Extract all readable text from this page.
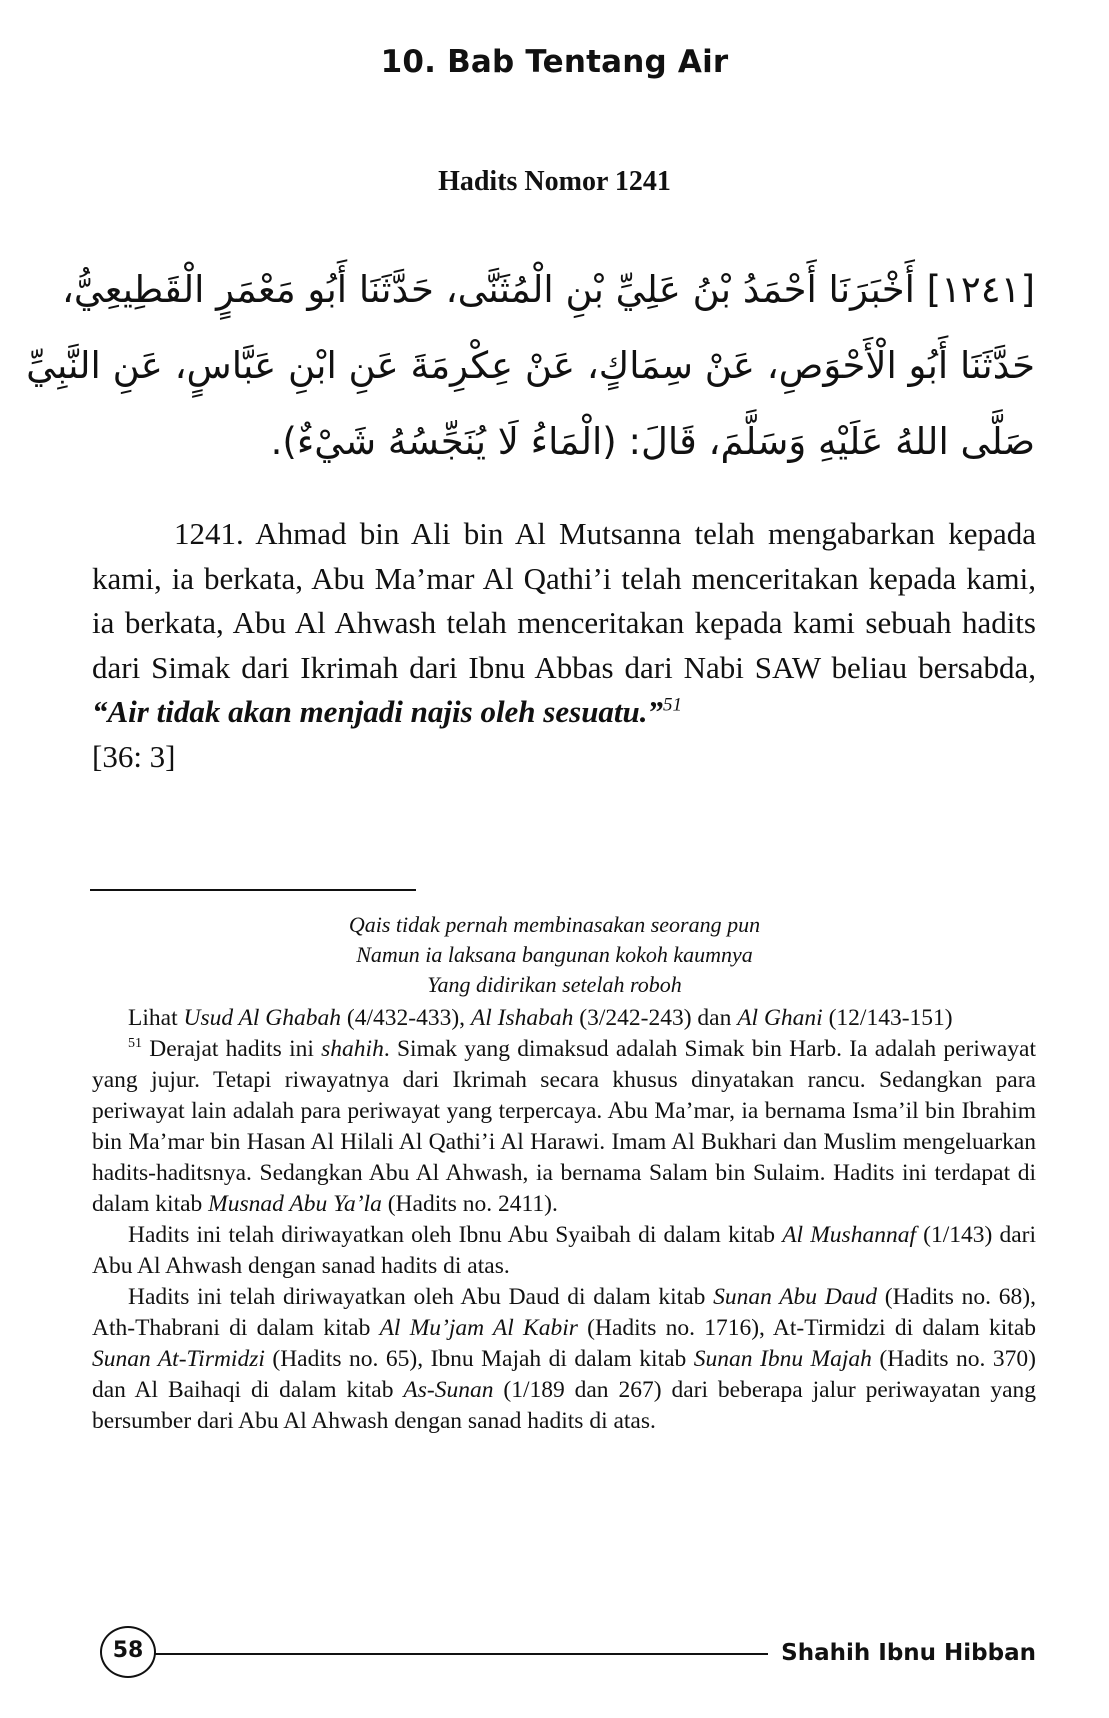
10. Bab Tentang Air
Hadits Nomor 1241
[١٢٤١] أَخْبَرَنَا أَحْمَدُ بْنُ عَلِيِّ بْنِ الْمُثَنَّى، حَدَّثَنَا أَبُو مَعْمَرٍ الْقَطِيعِيُّ،
حَدَّثَنَا أَبُو الْأَحْوَصِ، عَنْ سِمَاكٍ، عَنْ عِكْرِمَةَ عَنِ ابْنِ عَبَّاسٍ، عَنِ النَّبِيِّ
صَلَّى اللهُ عَلَيْهِ وَسَلَّمَ، قَالَ: (الْمَاءُ لَا يُنَجِّسُهُ شَيْءٌ).
1241. Ahmad bin Ali bin Al Mutsanna telah mengabarkan kepada kami, ia berkata, Abu Ma’mar Al Qathi’i telah menceritakan kepada kami, ia berkata, Abu Al Ahwash telah menceritakan kepada kami sebuah hadits dari Simak dari Ikrimah dari Ibnu Abbas dari Nabi SAW beliau bersabda, “Air tidak akan menjadi najis oleh sesuatu.”$^{51}$
[36: 3]
Qais tidak pernah membinasakan seorang pun
Namun ia laksana bangunan kokoh kaumnya
Yang didirikan setelah roboh

Lihat Usud Al Ghabah (4/432-433), Al Ishabah (3/242-243) dan Al Ghani (12/143-151)

$^{51}$ Derajat hadits ini shahih. Simak yang dimaksud adalah Simak bin Harb. Ia adalah periwayat yang jujur. Tetapi riwayatnya dari Ikrimah secara khusus dinyatakan rancu. Sedangkan para periwayat lain adalah para periwayat yang terpercaya. Abu Ma’mar, ia bernama Isma’il bin Ibrahim bin Ma’mar bin Hasan Al Hilali Al Qathi’i Al Harawi. Imam Al Bukhari dan Muslim mengeluarkan hadits-haditsnya. Sedangkan Abu Al Ahwash, ia bernama Salam bin Sulaim. Hadits ini terdapat di dalam kitab Musnad Abu Ya’la (Hadits no. 2411).

Hadits ini telah diriwayatkan oleh Ibnu Abu Syaibah di dalam kitab Al Mushannaf (1/143) dari Abu Al Ahwash dengan sanad hadits di atas.

Hadits ini telah diriwayatkan oleh Abu Daud di dalam kitab Sunan Abu Daud (Hadits no. 68), Ath-Thabrani di dalam kitab Al Mu’jam Al Kabir (Hadits no. 1716), At-Tirmidzi di dalam kitab Sunan At-Tirmidzi (Hadits no. 65), Ibnu Majah di dalam kitab Sunan Ibnu Majah (Hadits no. 370) dan Al Baihaqi di dalam kitab As-Sunan (1/189 dan 267) dari beberapa jalur periwayatan yang bersumber dari Abu Al Ahwash dengan sanad hadits di atas.

58	Shahih Ibnu Hibban
